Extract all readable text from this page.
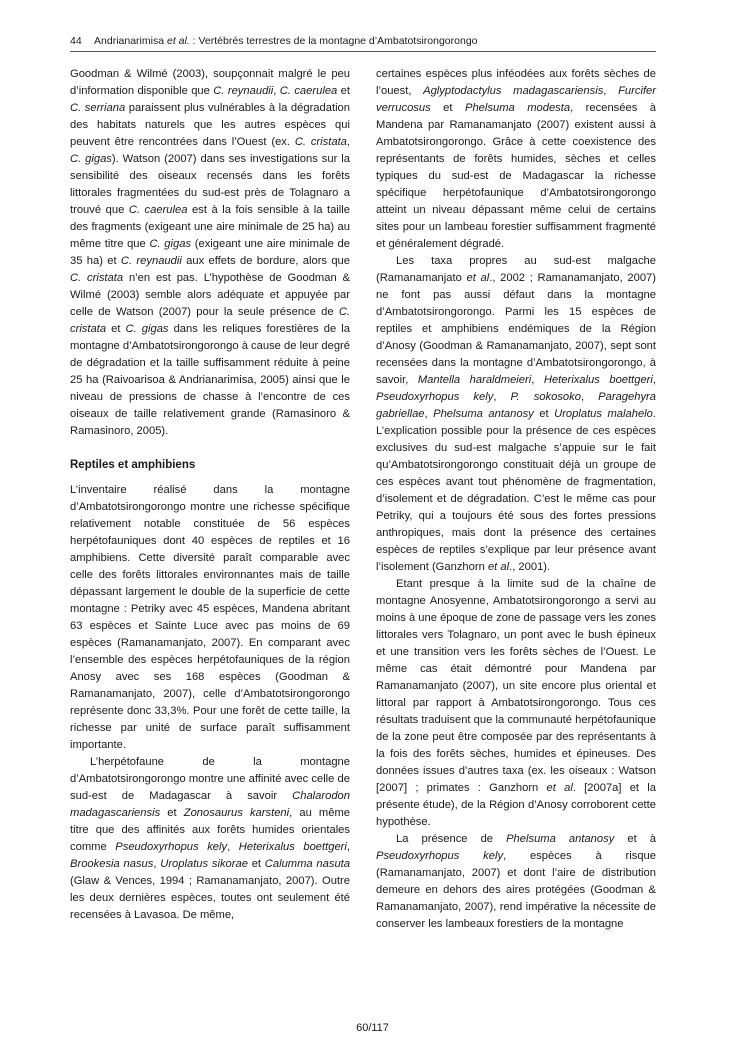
44 Andrianarimisa et al. : Vertébrés terrestres de la montagne d’Ambatotsirongorongo

Goodman & Wilmé (2003), soupçonnait malgré le peu d’information disponible que C. reynaudii, C. caerulea et C. serriana paraissent plus vulnérables à la dégradation des habitats naturels que les autres espèces qui peuvent être rencontrées dans l’Ouest (ex. C. cristata, C. gigas). Watson (2007) dans ses investigations sur la sensibilité des oiseaux recensés dans les forêts littorales fragmentées du sud-est près de Tolagnaro a trouvé que C. caerulea est à la fois sensible à la taille des fragments (exigeant une aire minimale de 25 ha) au même titre que C. gigas (exigeant une aire minimale de 35 ha) et C. reynaudii aux effets de bordure, alors que C. cristata n’en est pas. L’hypothèse de Goodman & Wilmé (2003) semble alors adéquate et appuyée par celle de Watson (2007) pour la seule présence de C. cristata et C. gigas dans les reliques forestières de la montagne d’Ambatotsirongorongo à cause de leur degré de dégradation et la taille suffisamment réduite à peine 25 ha (Raivoarisoa & Andrianarimisa, 2005) ainsi que le niveau de pressions de chasse à l’encontre de ces oiseaux de taille relativement grande (Ramasinoro & Ramasinoro, 2005).

Reptiles et amphibiens

L’inventaire réalisé dans la montagne d’Ambatotsirongorongo montre une richesse spécifique relativement notable constituée de 56 espèces herpétofauniques dont 40 espèces de reptiles et 16 amphibiens. Cette diversité paraît comparable avec celle des forêts littorales environnantes mais de taille dépassant largement le double de la superficie de cette montagne : Petriky avec 45 espèces, Mandena abritant 63 espèces et Sainte Luce avec pas moins de 69 espèces (Ramanamanjato, 2007). En comparant avec l’ensemble des espèces herpétofauniques de la région Anosy avec ses 168 espèces (Goodman & Ramanamanjato, 2007), celle d’Ambatotsirongorongo représente donc 33,3%. Pour une forêt de cette taille, la richesse par unité de surface paraît suffisamment importante.

L’herpétofaune de la montagne d’Ambatotsirongorongo montre une affinité avec celle de sud-est de Madagascar à savoir Chalarodon madagascariensis et Zonosaurus karsteni, au même titre que des affinités aux forêts humides orientales comme Pseudoxyrhopus kely, Heterixalus boettgeri, Brookesia nasus, Uroplatus sikorae et Calumma nasuta (Glaw & Vences, 1994 ; Ramanamanjato, 2007). Outre les deux dernières espèces, toutes ont seulement été recensées à Lavasoa. De même,

certaines espèces plus inféodées aux forêts sèches de l’ouest, Aglyptodactylus madagascariensis, Furcifer verrucosus et Phelsuma modesta, recensées à Mandena par Ramanamanjato (2007) existent aussi à Ambatotsirongorongo. Grâce à cette coexistence des représentants de forêts humides, sèches et celles typiques du sud-est de Madagascar la richesse spécifique herpétofaunique d’Ambatotsirongorongo atteint un niveau dépassant même celui de certains sites pour un lambeau forestier suffisamment fragmenté et généralement dégradé.

Les taxa propres au sud-est malgache (Ramanamanjato et al., 2002 ; Ramanamanjato, 2007) ne font pas aussi défaut dans la montagne d’Ambatotsirongorongo. Parmi les 15 espèces de reptiles et amphibiens endémiques de la Région d’Anosy (Goodman & Ramanamanjato, 2007), sept sont recensées dans la montagne d’Ambatotsirongorongo, à savoir, Mantella haraldmeieri, Heterixalus boettgeri, Pseudoxyrhopus kely, P. sokosoko, Paragehyra gabriellae, Phelsuma antanosy et Uroplatus malahelo. L’explication possible pour la présence de ces espèces exclusives du sud-est malgache s’appuie sur le fait qu’Ambatotsirongorongo constituait déjà un groupe de ces espèces avant tout phénomène de fragmentation, d’isolement et de dégradation. C’est le même cas pour Petriky, qui a toujours été sous des fortes pressions anthropiques, mais dont la présence des certaines espèces de reptiles s’explique par leur présence avant l’isolement (Ganzhorn et al., 2001).

Etant presque à la limite sud de la chaîne de montagne Anosyenne, Ambatotsirongorongo a servi au moins à une époque de zone de passage vers les zones littorales vers Tolagnaro, un pont avec le bush épineux et une transition vers les forêts sèches de l’Ouest. Le même cas était démontré pour Mandena par Ramanamanjato (2007), un site encore plus oriental et littoral par rapport à Ambatotsirongorongo. Tous ces résultats traduisent que la communauté herpétofaunique de la zone peut être composée par des représentants à la fois des forêts sèches, humides et épineuses. Des données issues d’autres taxa (ex. les oiseaux : Watson [2007] ; primates : Ganzhorn et al. [2007a] et la présente étude), de la Région d’Anosy corroborent cette hypothèse.

La présence de Phelsuma antanosy et à Pseudoxyrhopus kely, espèces à risque (Ramanamanjato, 2007) et dont l’aire de distribution demeure en dehors des aires protégées (Goodman & Ramanamanjato, 2007), rend impérative la nécessite de conserver les lambeaux forestiers de la montagne

60/117
